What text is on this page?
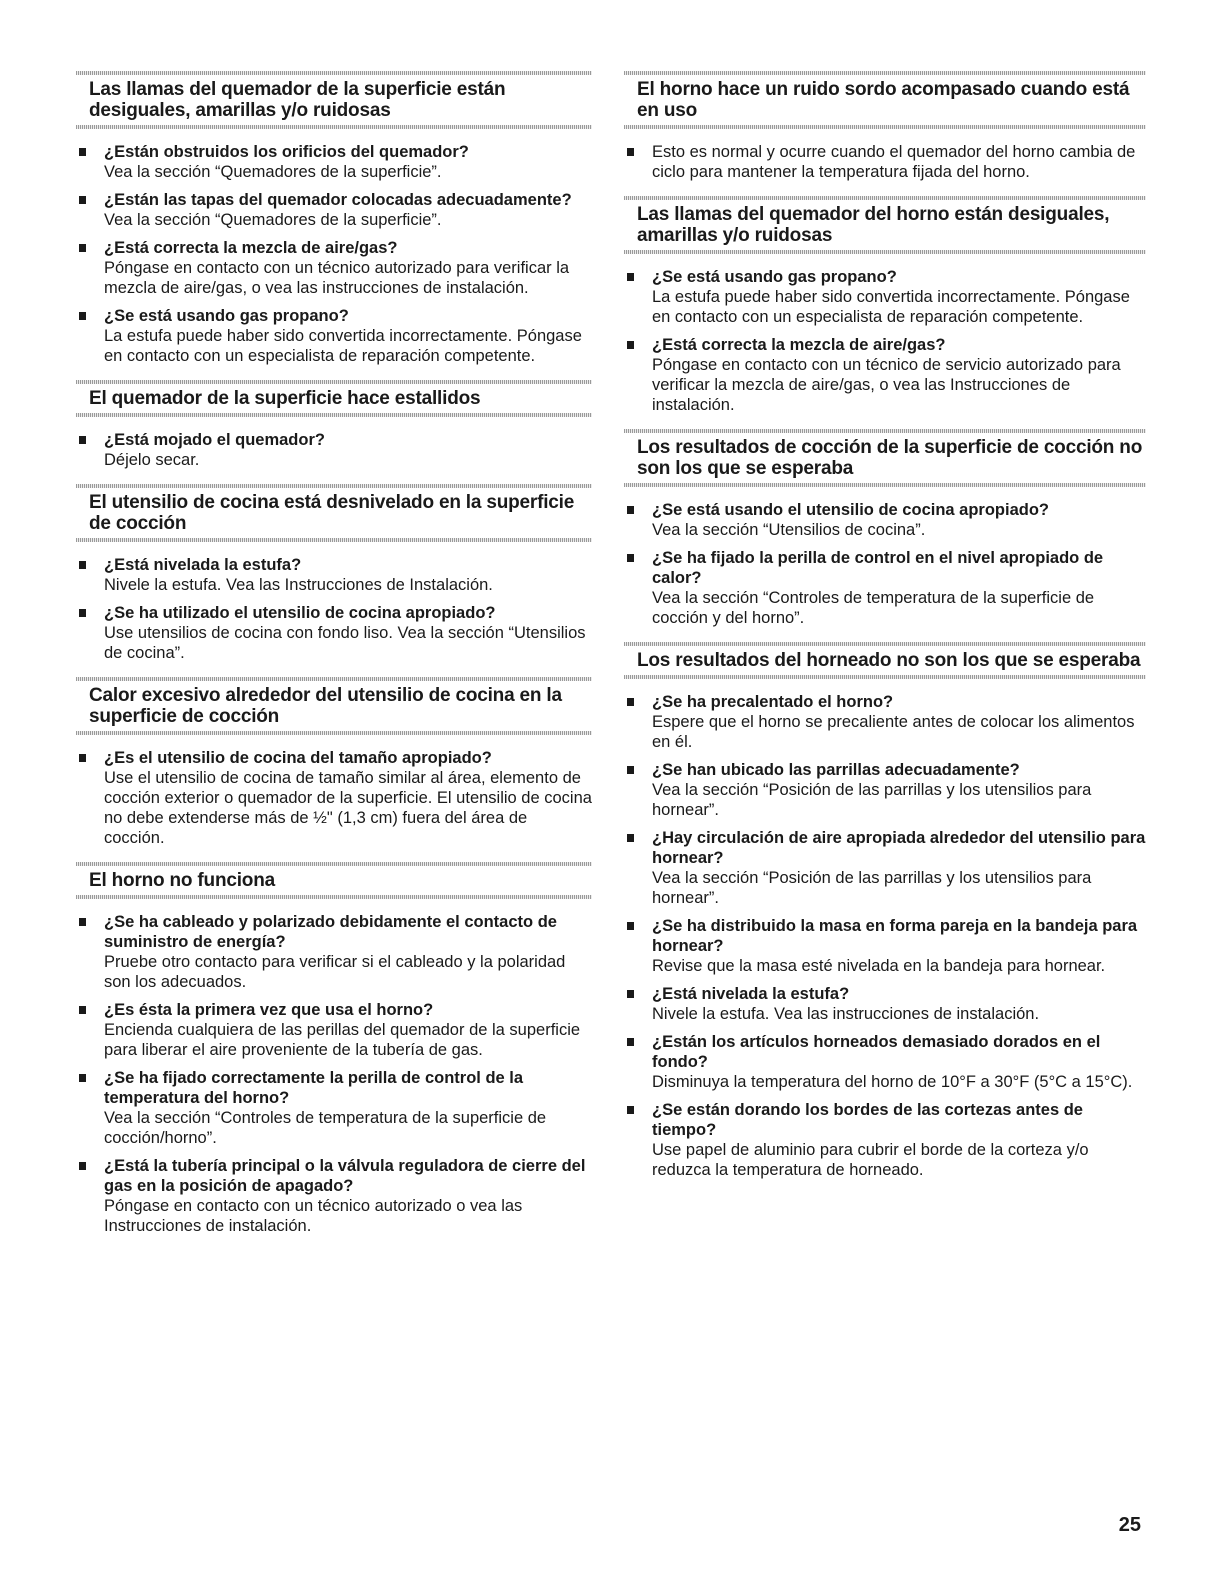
Las llamas del quemador de la superficie están desiguales, amarillas y/o ruidosas
¿Están obstruidos los orificios del quemador?
Vea la sección “Quemadores de la superficie”.
¿Están las tapas del quemador colocadas adecuadamente?
Vea la sección “Quemadores de la superficie”.
¿Está correcta la mezcla de aire/gas?
Póngase en contacto con un técnico autorizado para verificar la mezcla de aire/gas, o vea las instrucciones de instalación.
¿Se está usando gas propano?
La estufa puede haber sido convertida incorrectamente. Póngase en contacto con un especialista de reparación competente.
El quemador de la superficie hace estallidos
¿Está mojado el quemador?
Déjelo secar.
El utensilio de cocina está desnivelado en la superficie de cocción
¿Está nivelada la estufa?
Nivele la estufa. Vea las Instrucciones de Instalación.
¿Se ha utilizado el utensilio de cocina apropiado?
Use utensilios de cocina con fondo liso. Vea la sección “Utensilios de cocina”.
Calor excesivo alrededor del utensilio de cocina en la superficie de cocción
¿Es el utensilio de cocina del tamaño apropiado?
Use el utensilio de cocina de tamaño similar al área, elemento de cocción exterior o quemador de la superficie. El utensilio de cocina no debe extenderse más de ½" (1,3 cm) fuera del área de cocción.
El horno no funciona
¿Se ha cableado y polarizado debidamente el contacto de suministro de energía?
Pruebe otro contacto para verificar si el cableado y la polaridad son los adecuados.
¿Es ésta la primera vez que usa el horno?
Encienda cualquiera de las perillas del quemador de la superficie para liberar el aire proveniente de la tubería de gas.
¿Se ha fijado correctamente la perilla de control de la temperatura del horno?
Vea la sección “Controles de temperatura de la superficie de cocción/horno”.
¿Está la tubería principal o la válvula reguladora de cierre del gas en la posición de apagado?
Póngase en contacto con un técnico autorizado o vea las Instrucciones de instalación.
El horno hace un ruido sordo acompasado cuando está en uso
Esto es normal y ocurre cuando el quemador del horno cambia de ciclo para mantener la temperatura fijada del horno.
Las llamas del quemador del horno están desiguales, amarillas y/o ruidosas
¿Se está usando gas propano?
La estufa puede haber sido convertida incorrectamente. Póngase en contacto con un especialista de reparación competente.
¿Está correcta la mezcla de aire/gas?
Póngase en contacto con un técnico de servicio autorizado para verificar la mezcla de aire/gas, o vea las Instrucciones de instalación.
Los resultados de cocción de la superficie de cocción no son los que se esperaba
¿Se está usando el utensilio de cocina apropiado?
Vea la sección “Utensilios de cocina”.
¿Se ha fijado la perilla de control en el nivel apropiado de calor?
Vea la sección “Controles de temperatura de la superficie de cocción y del horno”.
Los resultados del horneado no son los que se esperaba
¿Se ha precalentado el horno?
Espere que el horno se precaliente antes de colocar los alimentos en él.
¿Se han ubicado las parrillas adecuadamente?
Vea la sección “Posición de las parrillas y los utensilios para hornear”.
¿Hay circulación de aire apropiada alrededor del utensilio para hornear?
Vea la sección “Posición de las parrillas y los utensilios para hornear”.
¿Se ha distribuido la masa en forma pareja en la bandeja para hornear?
Revise que la masa esté nivelada en la bandeja para hornear.
¿Está nivelada la estufa?
Nivele la estufa. Vea las instrucciones de instalación.
¿Están los artículos horneados demasiado dorados en el fondo?
Disminuya la temperatura del horno de 10°F a 30°F (5°C a 15°C).
¿Se están dorando los bordes de las cortezas antes de tiempo?
Use papel de aluminio para cubrir el borde de la corteza y/o reduzca la temperatura de horneado.
25
